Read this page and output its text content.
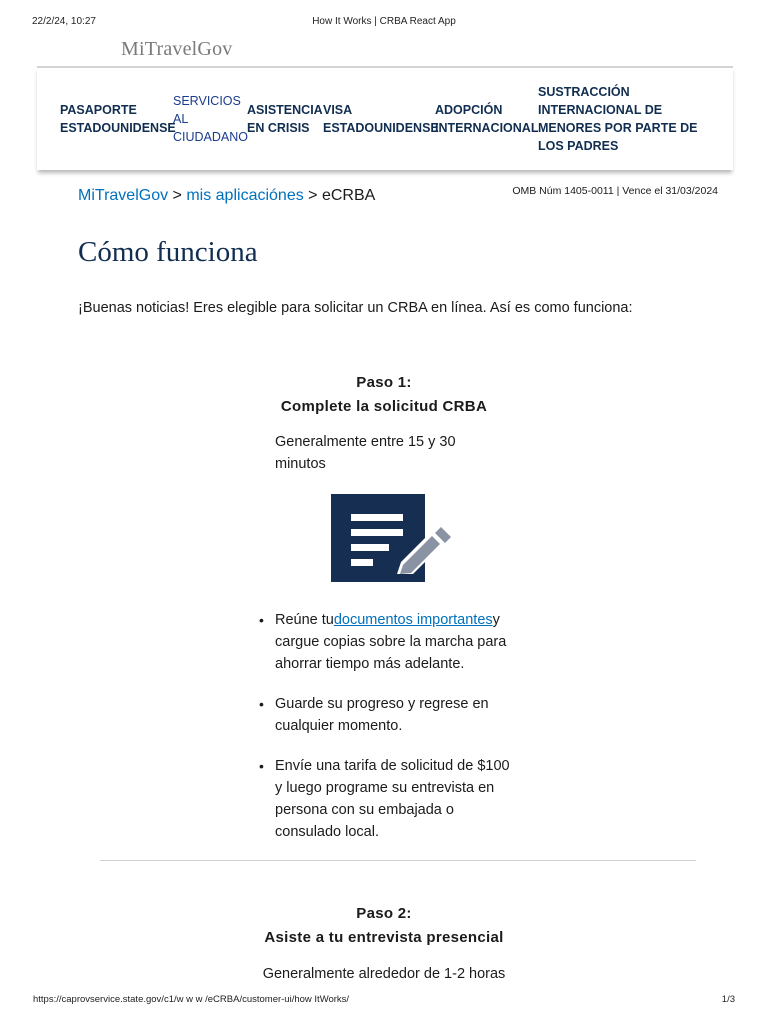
22/2/24, 10:27	How It Works | CRBA React App
MiTravelGov
PASAPORTE
ESTADOUNIDENSE
SERVICIOS
AL
CIUDADANO
ASISTENCIA
EN CRISIS
VISA
ESTADOUNIDENSE
ADOPCIÓN
INTERNACIONAL
SUSTRACCIÓN
INTERNACIONAL DE
MENORES POR PARTE DE
LOS PADRES
MiTravelGov > mis aplicaciónes > eCRBA	OMB Núm 1405-0011 | Vence el 31/03/2024
Cómo funciona

¡Buenas noticias! Eres elegible para solicitar un CRBA en línea. Así es como funciona:

Paso 1:
Complete la solicitud CRBA
Generalmente entre 15 y 30 minutos
• Reúne tudocumentos importantesy cargue copias sobre la marcha para ahorrar tiempo más adelante.
• Guarde su progreso y regrese en cualquier momento.
• Envíe una tarifa de solicitud de $100 y luego programe su entrevista en persona con su embajada o consulado local.
Paso 2:
Asiste a tu entrevista presencial
Generalmente alrededor de 1-2 horas
https://caprovservice.state.gov/c1/w w w /eCRBA/customer-ui/how ItWorks/	1/3
